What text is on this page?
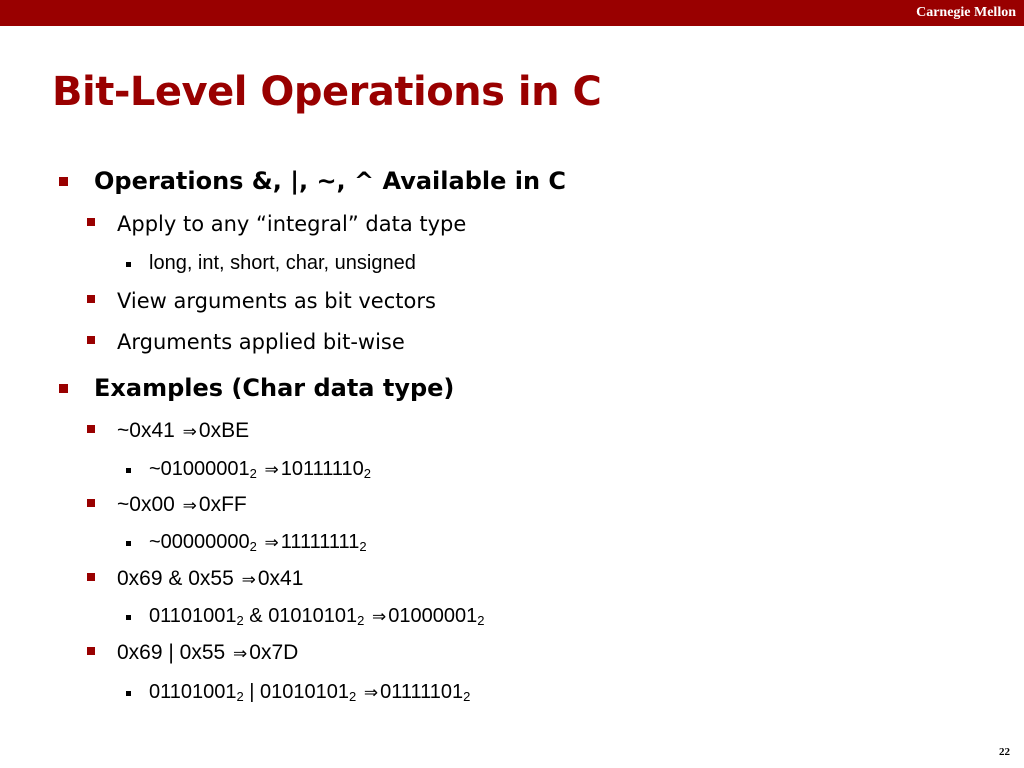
Carnegie Mellon
Bit-Level Operations in C
Operations &, |, ~, ^ Available in C
Apply to any “integral” data type
long, int, short, char, unsigned
View arguments as bit vectors
Arguments applied bit-wise
Examples (Char data type)
~0x41 ⇒0xBE
$\sim 01000001_2$ ⇒ $10111110_2$
~0x00 ⇒0xFF
$\sim 00000000_2$ ⇒ $11111111_2$
0x69 & 0x55 ⇒0x41
$01101001_2$ & $01010101_2$ ⇒ $01000001_2$
0x69 | 0x55 ⇒0x7D
$01101001_2$ | $01010101_2$ ⇒ $01111101_2$
22
